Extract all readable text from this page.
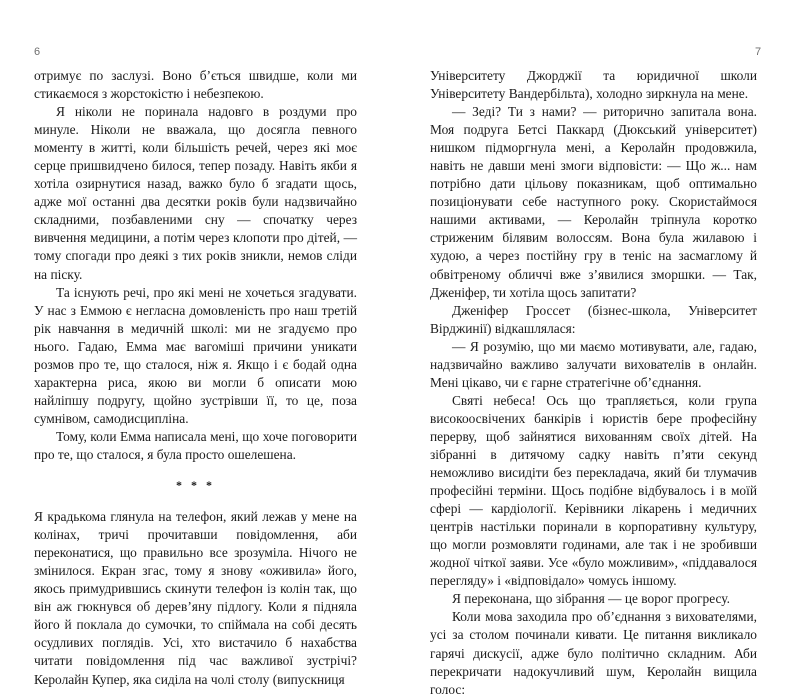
6	7

отримує по заслузі. Воно б’ється швидше, коли ми стикаємося з жорстокістю і небезпекою.

Я ніколи не поринала надовго в роздуми про минуле. Ніколи не вважала, що досягла певного моменту в житті, коли більшість речей, через які моє серце пришвидчено билося, тепер позаду. Навіть якби я хотіла озирнутися назад, важко було б згадати щось, адже мої останні два десятки років були надзвичайно складними, позбавленими сну — спочатку через вивчення медицини, а потім через клопоти про дітей, — тому спогади про деякі з тих років зникли, немов сліди на піску.

Та існують речі, про які мені не хочеться згадувати. У нас з Еммою є негласна домовленість про наш третій рік навчання в медичній школі: ми не згадуємо про нього. Гадаю, Емма має вагоміші причини уникати розмов про те, що сталося, ніж я. Якщо і є бодай одна характерна риса, якою ви могли б описати мою найліпшу подругу, щойно зустрівши її, то це, поза сумнівом, самодисципліна.

Тому, коли Емма написала мені, що хоче поговорити про те, що сталося, я була просто ошелешена.

* * *

Я крадькома глянула на телефон, який лежав у мене на колінах, тричі прочитавши повідомлення, аби переконатися, що правильно все зрозуміла. Нічого не змінилося. Екран згас, тому я знову «оживила» його, якось примудрившись скинути телефон із колін так, що він аж гюкнувся об дерев’яну підлогу. Коли я підняла його й поклала до сумочки, то спіймала на собі десять осудливих поглядів. Усі, хто вистачило б нахабства читати повідомлення під час важливої зустрічі? Керолайн Купер, яка сиділа на чолі столу (випускниця

Університету Джорджії та юридичної школи Університету Вандербільта), холодно зиркнула на мене.

— Зеді? Ти з нами? — риторично запитала вона. Моя подруга Бетсі Паккард (Дюкський університет) нишком підморгнула мені, а Керолайн продовжила, навіть не давши мені змоги відповісти: — Що ж... нам потрібно дати цільову показникам, щоб оптимально позиціонувати себе наступного року. Скористаймося нашими активами, — Керолайн тріпнула коротко стриженим білявим волоссям. Вона була жилавою і худою, а через постійну гру в теніс на засмаглому й обвітреному обличчі вже з’явилися зморшки. — Так, Дженіфер, ти хотіла щось запитати?

Дженіфер Гроссет (бізнес-школа, Університет Вірджинії) відкашлялася:

— Я розумію, що ми маємо мотивувати, але, гадаю, надзвичайно важливо залучати вихователів в онлайн. Мені цікаво, чи є гарне стратегічне об’єднання.

Святі небеса! Ось що трапляється, коли група високоосвічених банкірів і юристів бере професійну перерву, щоб зайнятися вихованням своїх дітей. На зібранні в дитячому садку навіть п’яти секунд неможливо висидіти без перекладача, який би тлумачив професійні терміни. Щось подібне відбувалось і в моїй сфері — кардіології. Керівники лікарень і медичних центрів настільки поринали в корпоративну культуру, що могли розмовляти годинами, але так і не зробивши жодної чіткої заяви. Усе «було можливим», «піддавалося перегляду» і «відповідало» чомусь іншому.

Я переконана, що зібрання — це ворог прогресу.

Коли мова заходила про об’єднання з вихователями, усі за столом починали кивати. Це питання викликало гарячі дискусії, адже було політично складним. Аби перекричати надокучливий шум, Керолайн вищила голос:
